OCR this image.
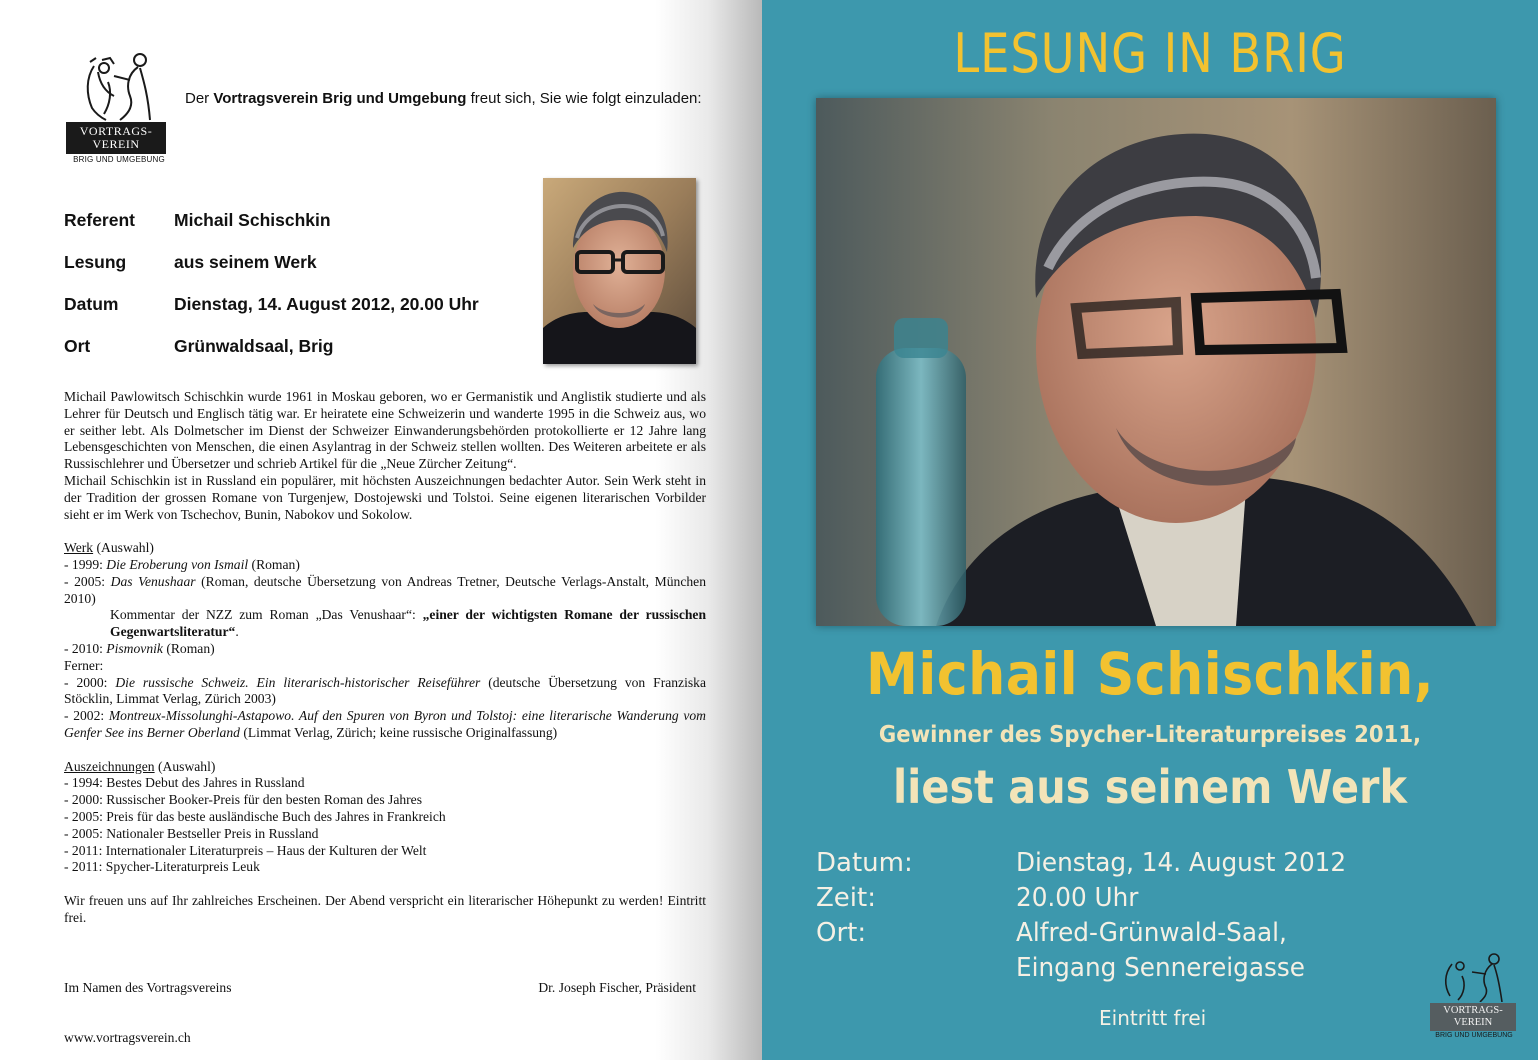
VORTRAGS-
VEREIN
BRIG UND UMGEBUNG
Der Vortragsverein Brig und Umgebung freut sich, Sie wie folgt einzuladen:
Referent	Michail Schischkin
Lesung	aus seinem Werk
Datum	Dienstag, 14. August 2012, 20.00 Uhr
Ort	Grünwaldsaal, Brig
Michail Pawlowitsch Schischkin wurde 1961 in Moskau geboren, wo er Germanistik und Anglistik studierte und als Lehrer für Deutsch und Englisch tätig war. Er heiratete eine Schweizerin und wanderte 1995 in die Schweiz aus, wo er seither lebt. Als Dolmetscher im Dienst der Schweizer Einwanderungsbehörden protokollierte er 12 Jahre lang Lebensgeschichten von Menschen, die einen Asylantrag in der Schweiz stellen wollten. Des Weiteren arbeitete er als Russischlehrer und Übersetzer und schrieb Artikel für die „Neue Zürcher Zeitung“.
Michail Schischkin ist in Russland ein populärer, mit höchsten Auszeichnungen bedachter Autor. Sein Werk steht in der Tradition der grossen Romane von Turgenjew, Dostojewski und Tolstoi. Seine eigenen literarischen Vorbilder sieht er im Werk von Tschechov, Bunin, Nabokov und Sokolow.
Werk (Auswahl)
- 1999: Die Eroberung von Ismail (Roman)
- 2005: Das Venushaar (Roman, deutsche Übersetzung von Andreas Tretner, Deutsche Verlags-Anstalt, München 2010)
Kommentar der NZZ zum Roman „Das Venushaar“: „einer der wichtigsten Romane der russischen Gegenwartsliteratur“.
- 2010: Pismovnik (Roman)
Ferner:
- 2000: Die russische Schweiz. Ein literarisch-historischer Reiseführer (deutsche Übersetzung von Franziska Stöcklin, Limmat Verlag, Zürich 2003)
- 2002: Montreux-Missolunghi-Astapowo. Auf den Spuren von Byron und Tolstoj: eine literarische Wanderung vom Genfer See ins Berner Oberland (Limmat Verlag, Zürich; keine russische Originalfassung)
Auszeichnungen (Auswahl)
- 1994: Bestes Debut des Jahres in Russland
- 2000: Russischer Booker-Preis für den besten Roman des Jahres
- 2005: Preis für das beste ausländische Buch des Jahres in Frankreich
- 2005: Nationaler Bestseller Preis in Russland
- 2011: Internationaler Literaturpreis – Haus der Kulturen der Welt
- 2011: Spycher-Literaturpreis Leuk
Wir freuen uns auf Ihr zahlreiches Erscheinen. Der Abend verspricht ein literarischer Höhepunkt zu werden! Eintritt frei.
Im Namen des Vortragsvereins	Dr. Joseph Fischer, Präsident
www.vortragsverein.ch
LESUNG IN BRIG
Michail Schischkin,
Gewinner des Spycher-Literaturpreises 2011,
liest aus seinem Werk
Datum:	Dienstag, 14. August 2012
Zeit:	20.00 Uhr
Ort:	Alfred-Grünwald-Saal,
Eingang Sennereigasse
Eintritt frei	VORTRAGS-
VEREIN
BRIG UND UMGEBUNG
